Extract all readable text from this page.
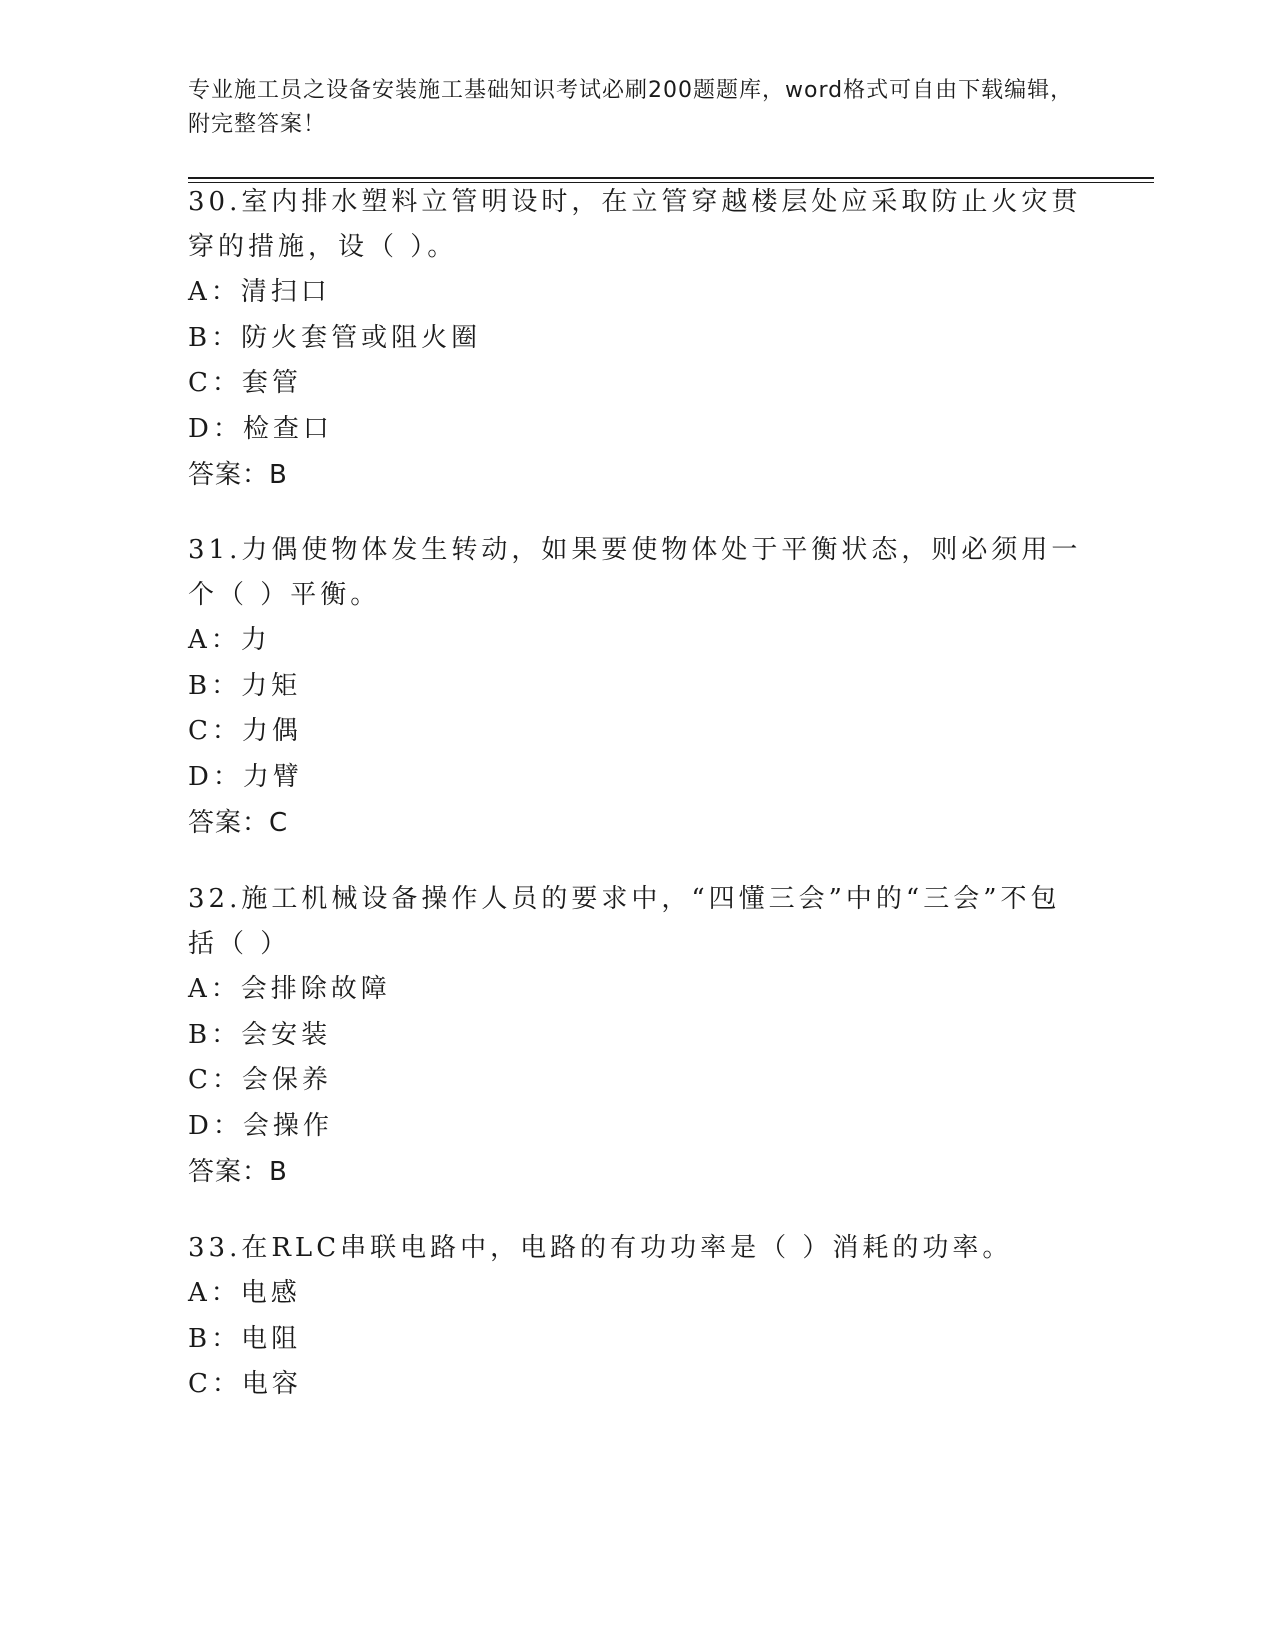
专业施工员之设备安装施工基础知识考试必刷200题题库，word格式可自由下载编辑，附完整答案！
30.室内排水塑料立管明设时，在立管穿越楼层处应采取防止火灾贯穿的措施，设（ ）。
A：清扫口
B：防火套管或阻火圈
C：套管
D：检查口
答案：B
31.力偶使物体发生转动，如果要使物体处于平衡状态，则必须用一个（ ）平衡。
A：力
B：力矩
C：力偶
D：力臂
答案：C
32.施工机械设备操作人员的要求中，“四懂三会”中的“三会”不包括（ ）
A：会排除故障
B：会安装
C：会保养
D：会操作
答案：B
33.在RLC串联电路中，电路的有功功率是（ ）消耗的功率。
A：电感
B：电阻
C：电容
